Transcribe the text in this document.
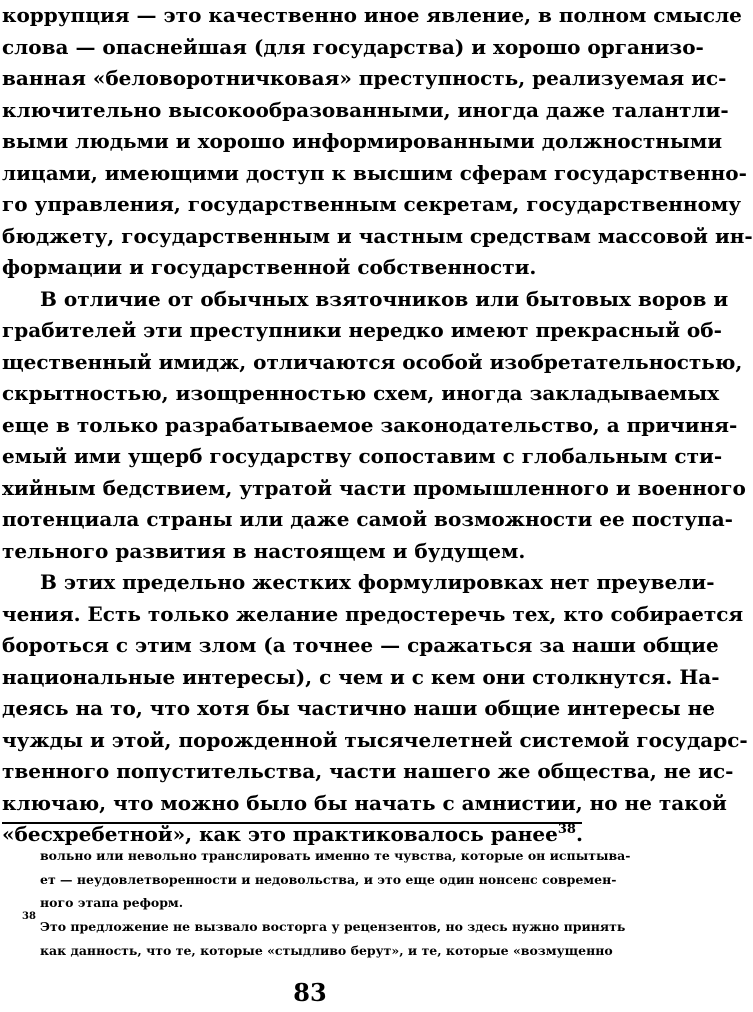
коррупция — это качественно иное явление, в полном смысле
слова — опаснейшая (для государства) и хорошо организо-
ванная «беловоротничковая» преступность, реализуемая ис-
ключительно высокообразованными, иногда даже талантли-
выми людьми и хорошо информированными должностными
лицами, имеющими доступ к высшим сферам государственно-
го управления, государственным секретам, государственному
бюджету, государственным и частным средствам массовой ин-
формации и государственной собственности.
В отличие от обычных взяточников или бытовых воров и
грабителей эти преступники нередко имеют прекрасный об-
щественный имидж, отличаются особой изобретательностью,
скрытностью, изощренностью схем, иногда закладываемых
еще в только разрабатываемое законодательство, а причиня-
емый ими ущерб государству сопоставим с глобальным сти-
хийным бедствием, утратой части промышленного и военного
потенциала страны или даже самой возможности ее поступа-
тельного развития в настоящем и будущем.
В этих предельно жестких формулировках нет преувели-
чения. Есть только желание предостеречь тех, кто собирается
бороться с этим злом (а точнее — сражаться за наши общие
национальные интересы), с чем и с кем они столкнутся. На-
деясь на то, что хотя бы частично наши общие интересы не
чужды и этой, порожденной тысячелетней системой государс-
твенного попустительства, части нашего же общества, не ис-
ключаю, что можно было бы начать с амнистии, но не такой
«бесхребетной», как это практиковалось ранее$^{38}$.
вольно или невольно транслировать именно те чувства, которые он испытыва-
ет — неудовлетворенности и недовольства, и это еще один нонсенс современ-
ного этапа реформ.
38
Это предложение не вызвало восторга у рецензентов, но здесь нужно принять
как данность, что те, которые «стыдливо берут», и те, которые «возмущенно
83
